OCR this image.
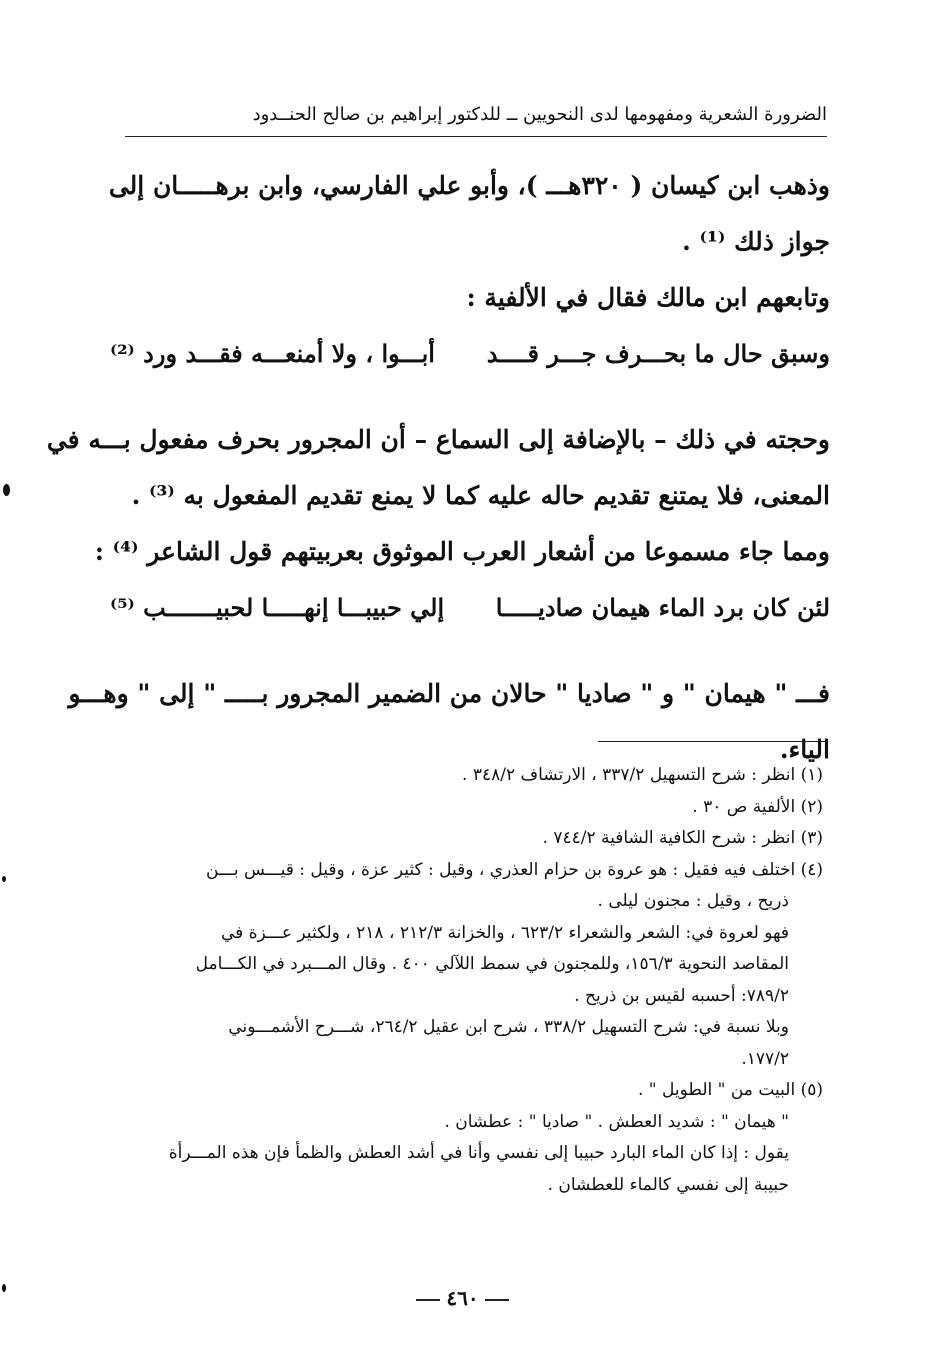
الضرورة الشعرية ومفهومها لدى النحويين ــ للدكتور إبراهيم بن صالح الحنــدود
وذهب ابن كيسان ( ٣٢٠هـــ )، وأبو علي الفارسي، وابن برهـــــان إلى
جواز ذلك ⁽¹⁾ .
وتابعهم ابن مالك فقال في الألفية :
وسبق حال ما بحـــرف جـــر قــــد
أبـــوا ، ولا أمنعـــه فقـــد ورد ⁽²⁾
وحجته في ذلك – بالإضافة إلى السماع – أن المجرور بحرف مفعول بـــه في
المعنى، فلا يمتنع تقديم حاله عليه كما لا يمنع تقديم المفعول به ⁽³⁾ .
ومما جاء مسموعا من أشعار العرب الموثوق بعربيتهم قول الشاعر ⁽⁴⁾ :
لئن كان برد الماء هيمان صاديـــــا
إلي حبيبـــا إنهـــــا لحبيـــــــب ⁽⁵⁾
فـــ " هيمان " و " صاديا " حالان من الضمير المجرور بـــــ " إلى " وهـــو
الياء.
(١) انظر : شرح التسهيل ٣٣٧/٢ ، الارتشاف ٣٤٨/٢ .
(٢) الألفية ص ٣٠ .
(٣) انظر : شرح الكافية الشافية ٧٤٤/٢ .
(٤) اختلف فيه فقيل : هو عروة بن حزام العذري ، وقيل : كثير عزة ، وقيل : قيـــس بـــن
ذريح ، وقيل : مجنون ليلى .
فهو لعروة في: الشعر والشعراء ٦٢٣/٢ ، والخزانة ٢١٢/٣ ، ٢١٨ ، ولكثير عـــزة في
المقاصد النحوية ١٥٦/٣، وللمجنون في سمط اللآلي ٤٠٠ . وقال المـــبرد في الكـــامل
٧٨٩/٢: أحسبه لقيس بن ذريح .
وبلا نسبة في: شرح التسهيل ٣٣٨/٢ ، شرح ابن عقيل ٢٦٤/٢، شـــرح الأشمـــوني
١٧٧/٢.
(٥) البيت من " الطويل " .
" هيمان " : شديد العطش . " صاديا " : عطشان .
يقول : إذا كان الماء البارد حبيبا إلى نفسي وأنا في أشد العطش والظمأ فإن هذه المـــرأة
حبيبة إلى نفسي كالماء للعطشان .
٤٦٠
